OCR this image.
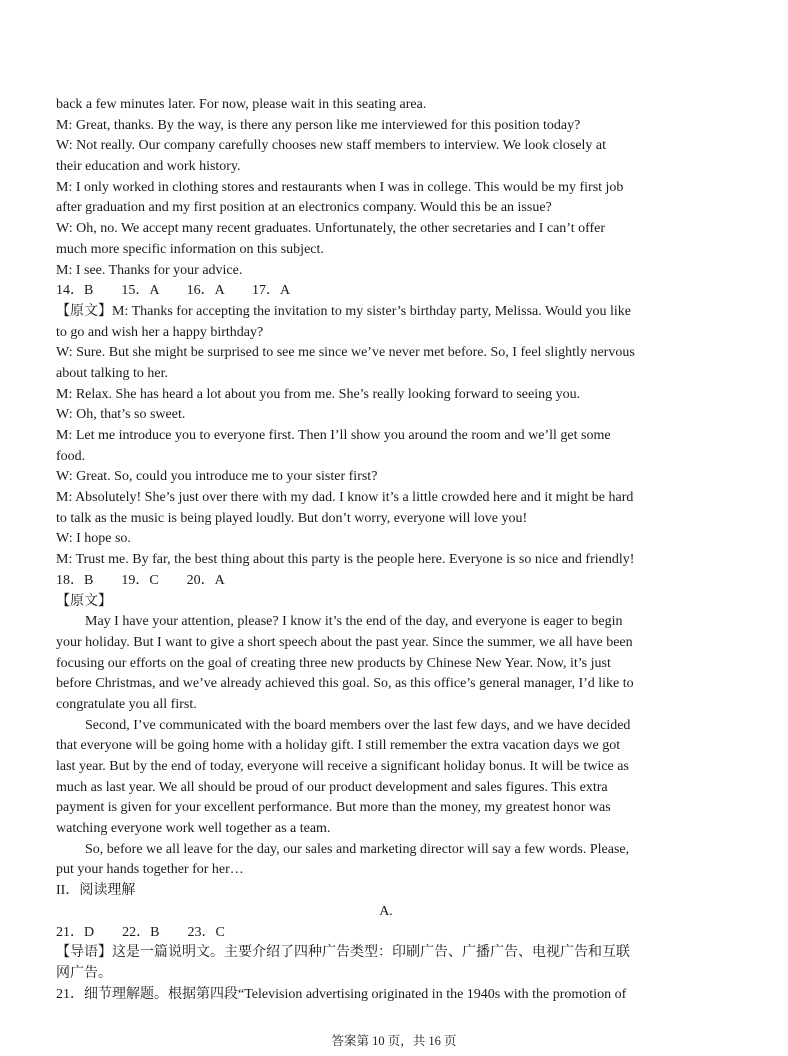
back a few minutes later. For now, please wait in this seating area.
M: Great, thanks. By the way, is there any person like me interviewed for this position today?
W: Not really. Our company carefully chooses new staff members to interview. We look closely at
their education and work history.
M: I only worked in clothing stores and restaurants when I was in college. This would be my first job
after graduation and my first position at an electronics company. Would this be an issue?
W: Oh, no. We accept many recent graduates. Unfortunately, the other secretaries and I can’t offer
much more specific information on this subject.
M: I see. Thanks for your advice.
14．B　　15．A　　16．A　　17．A
【原文】M: Thanks for accepting the invitation to my sister’s birthday party, Melissa. Would you like
to go and wish her a happy birthday?
W: Sure. But she might be surprised to see me since we’ve never met before. So, I feel slightly nervous
about talking to her.
M: Relax. She has heard a lot about you from me. She’s really looking forward to seeing you.
W: Oh, that’s so sweet.
M: Let me introduce you to everyone first. Then I’ll show you around the room and we’ll get some
food.
W: Great. So, could you introduce me to your sister first?
M: Absolutely! She’s just over there with my dad. I know it’s a little crowded here and it might be hard
to talk as the music is being played loudly. But don’t worry, everyone will love you!
W: I hope so.
M: Trust me. By far, the best thing about this party is the people here. Everyone is so nice and friendly!
18．B　　19．C　　20．A
【原文】
May I have your attention, please? I know it’s the end of the day, and everyone is eager to begin
your holiday. But I want to give a short speech about the past year. Since the summer, we all have been
focusing our efforts on the goal of creating three new products by Chinese New Year. Now, it’s just
before Christmas, and we’ve already achieved this goal. So, as this office’s general manager, I’d like to
congratulate you all first.
Second, I’ve communicated with the board members over the last few days, and we have decided
that everyone will be going home with a holiday gift. I still remember the extra vacation days we got
last year. But by the end of today, everyone will receive a significant holiday bonus. It will be twice as
much as last year. We all should be proud of our product development and sales figures. This extra
payment is given for your excellent performance. But more than the money, my greatest honor was
watching everyone work well together as a team.
So, before we all leave for the day, our sales and marketing director will say a few words. Please,
put your hands together for her…
II．阅读理解
A.
21．D　　22．B　　23．C
【导语】这是一篇说明文。主要介绍了四种广告类型：印刷广告、广播广告、电视广告和互联
网广告。
21．细节理解题。根据第四段“Television advertising originated in the 1940s with the promotion of
答案第 10 页，共 16 页
